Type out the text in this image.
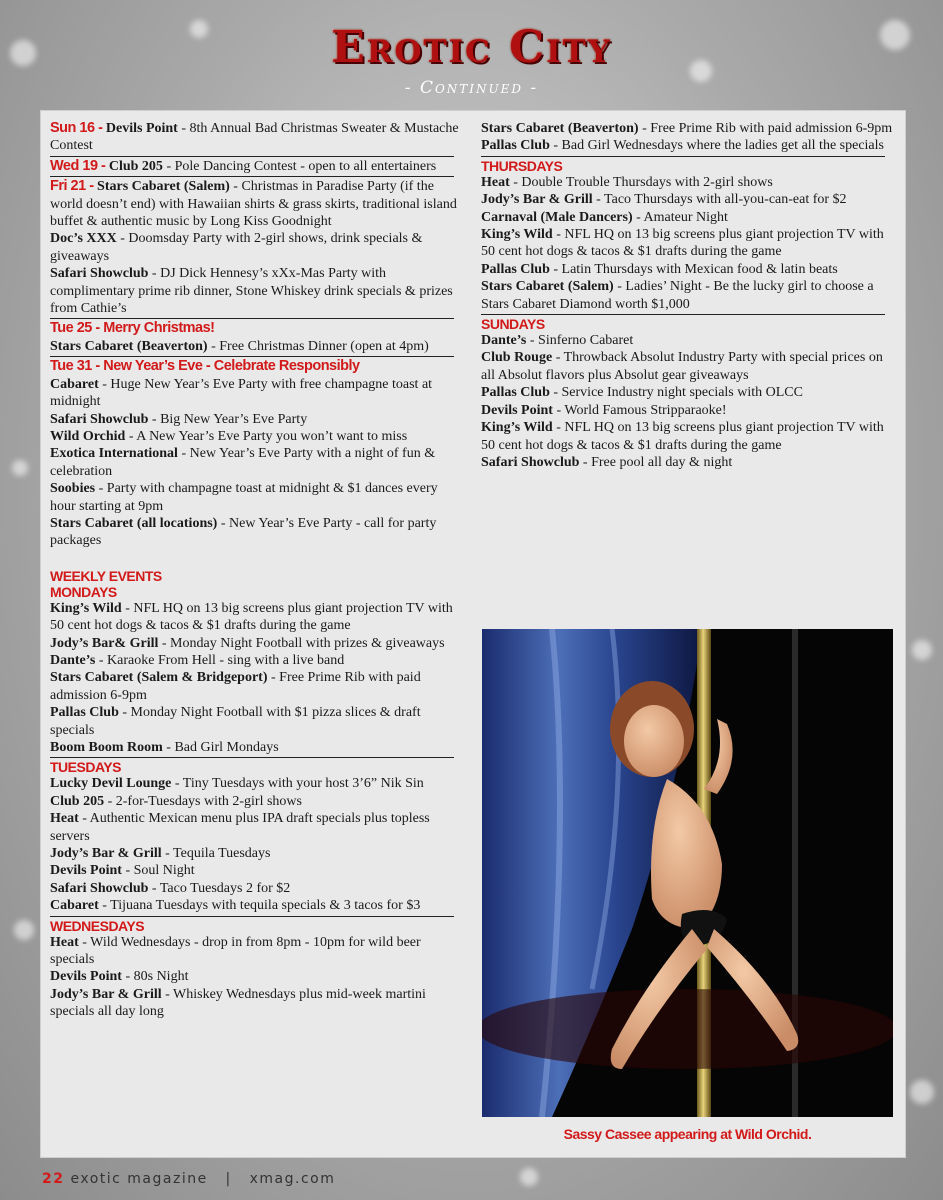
Erotic City
- Continued -

Sun 16 - Devils Point - 8th Annual Bad Christmas Sweater & Mustache Contest

Wed 19 - Club 205 - Pole Dancing Contest - open to all entertainers

Fri 21 - Stars Cabaret (Salem) - Christmas in Paradise Party (if the world doesn’t end) with Hawaiian shirts & grass skirts, traditional island buffet & authentic music by Long Kiss Goodnight

Doc’s XXX - Doomsday Party with 2-girl shows, drink specials & giveaways

Safari Showclub - DJ Dick Hennesy’s xXx-Mas Party with complimentary prime rib dinner, Stone Whiskey drink specials & prizes from Cathie’s

Tue 25 - Merry Christmas!

Stars Cabaret (Beaverton) - Free Christmas Dinner (open at 4pm)

Tue 31 - New Year’s Eve - Celebrate Responsibly

Cabaret - Huge New Year’s Eve Party with free champagne toast at midnight

Safari Showclub - Big New Year’s Eve Party

Wild Orchid - A New Year’s Eve Party you won’t want to miss

Exotica International - New Year’s Eve Party with a night of fun & celebration

Soobies - Party with champagne toast at midnight & $1 dances every hour starting at 9pm

Stars Cabaret (all locations) - New Year’s Eve Party - call for party packages

WEEKLY EVENTS
MONDAYS

King’s Wild - NFL HQ on 13 big screens plus giant projection TV with 50 cent hot dogs & tacos & $1 drafts during the game

Jody’s Bar& Grill - Monday Night Football with prizes & giveaways

Dante’s - Karaoke From Hell - sing with a live band

Stars Cabaret (Salem & Bridgeport) - Free Prime Rib with paid admission 6-9pm

Pallas Club - Monday Night Football with $1 pizza slices & draft specials

Boom Boom Room - Bad Girl Mondays

TUESDAYS

Lucky Devil Lounge - Tiny Tuesdays with your host 3’6” Nik Sin

Club 205 - 2-for-Tuesdays with 2-girl shows

Heat - Authentic Mexican menu plus IPA draft specials plus topless servers

Jody’s Bar & Grill - Tequila Tuesdays

Devils Point - Soul Night

Safari Showclub - Taco Tuesdays 2 for $2

Cabaret - Tijuana Tuesdays with tequila specials & 3 tacos for $3

WEDNESDAYS

Heat - Wild Wednesdays - drop in from 8pm - 10pm for wild beer specials

Devils Point - 80s Night

Jody’s Bar & Grill - Whiskey Wednesdays plus mid-week martini specials all day long

Stars Cabaret (Beaverton) - Free Prime Rib with paid admission 6-9pm

Pallas Club - Bad Girl Wednesdays where the ladies get all the specials

THURSDAYS

Heat - Double Trouble Thursdays with 2-girl shows

Jody’s Bar & Grill - Taco Thursdays with all-you-can-eat for $2

Carnaval (Male Dancers) - Amateur Night

King’s Wild - NFL HQ on 13 big screens plus giant projection TV with 50 cent hot dogs & tacos & $1 drafts during the game

Pallas Club - Latin Thursdays with Mexican food & latin beats

Stars Cabaret (Salem) - Ladies’ Night - Be the lucky girl to choose a Stars Cabaret Diamond worth $1,000

SUNDAYS

Dante’s - Sinferno Cabaret

Club Rouge - Throwback Absolut Industry Party with special prices on all Absolut flavors plus Absolut gear giveaways

Pallas Club - Service Industry night specials with OLCC

Devils Point - World Famous Stripparaoke!

King’s Wild - NFL HQ on 13 big screens plus giant projection TV with 50 cent hot dogs & tacos & $1 drafts during the game

Safari Showclub - Free pool all day & night

Sassy Cassee appearing at Wild Orchid.
22 exotic magazine   |   xmag.com
